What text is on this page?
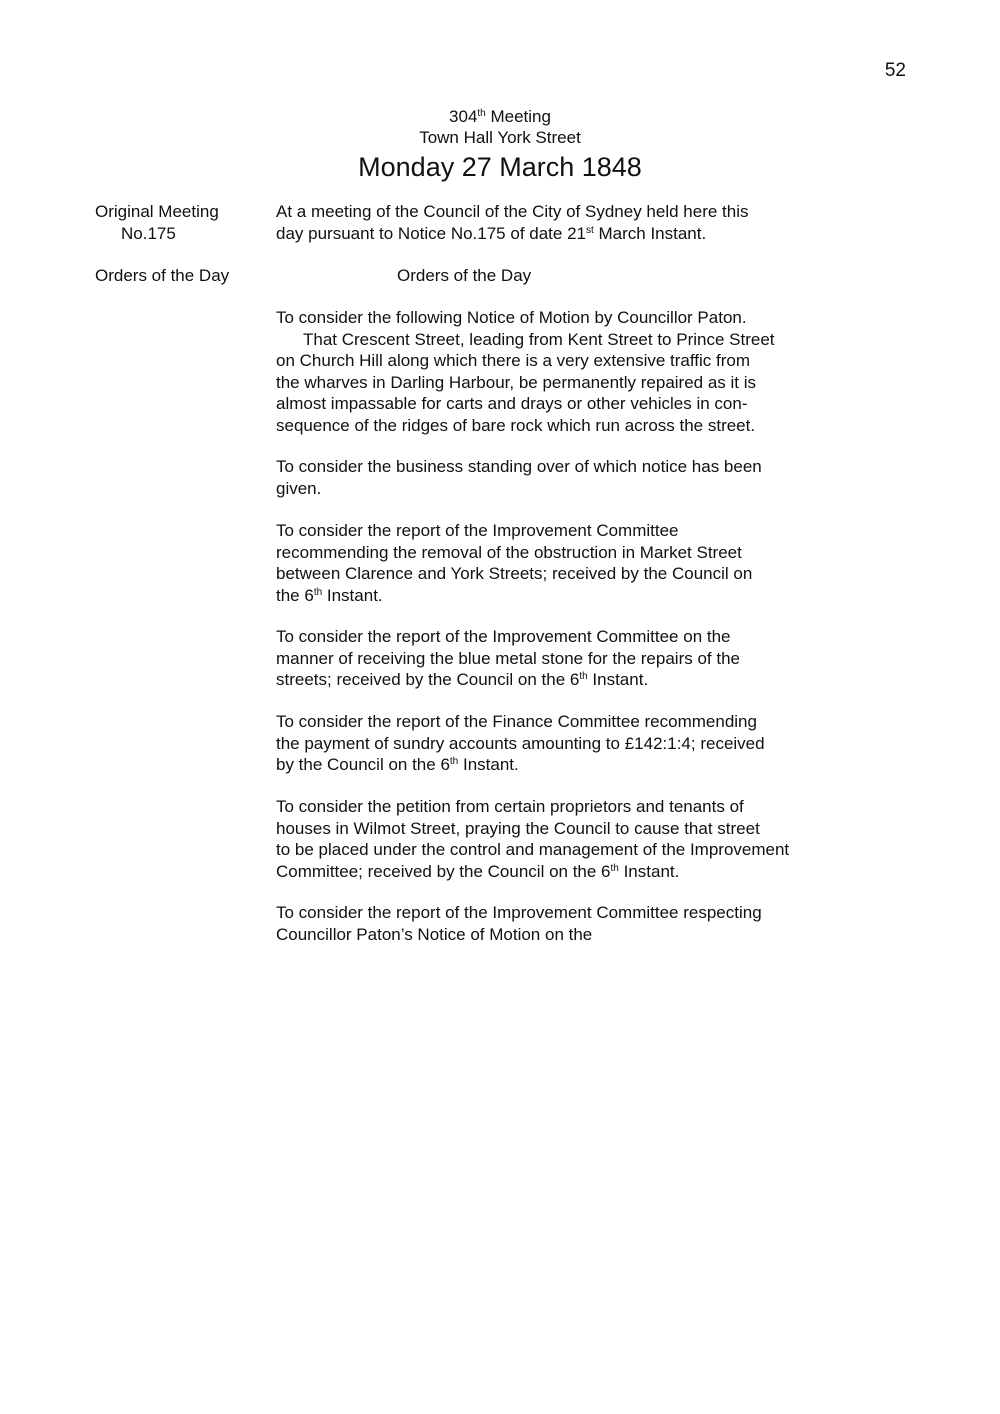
52
304th Meeting
Town Hall York Street
Monday 27 March 1848
Original Meeting
No.175
Orders of the Day
At a meeting of the Council of the City of Sydney held here this
day pursuant to Notice No.175 of date 21st March Instant.
Orders of the Day
To consider the following Notice of Motion by Councillor Paton.
That Crescent Street, leading from Kent Street to Prince Street
on Church Hill along which there is a very extensive traffic from
the wharves in Darling Harbour, be permanently repaired as it is
almost impassable for carts and drays or other vehicles in con-
sequence of the ridges of bare rock which run across the street.
To consider the business standing over of which notice has been
given.
To consider the report of the Improvement Committee
recommending the removal of the obstruction in Market Street
between Clarence and York Streets; received by the Council on
the 6th Instant.
To consider the report of the Improvement Committee on the
manner of receiving the blue metal stone for the repairs of the
streets; received by the Council on the 6th Instant.
To consider the report of the Finance Committee recommending
the payment of sundry accounts amounting to £142:1:4; received
by the Council on the 6th Instant.
To consider the petition from certain proprietors and tenants of
houses in Wilmot Street, praying the Council to cause that street
to be placed under the control and management of the Improvement
Committee; received by the Council on the 6th Instant.
To consider the report of the Improvement Committee respecting
Councillor Paton’s Notice of Motion on the
